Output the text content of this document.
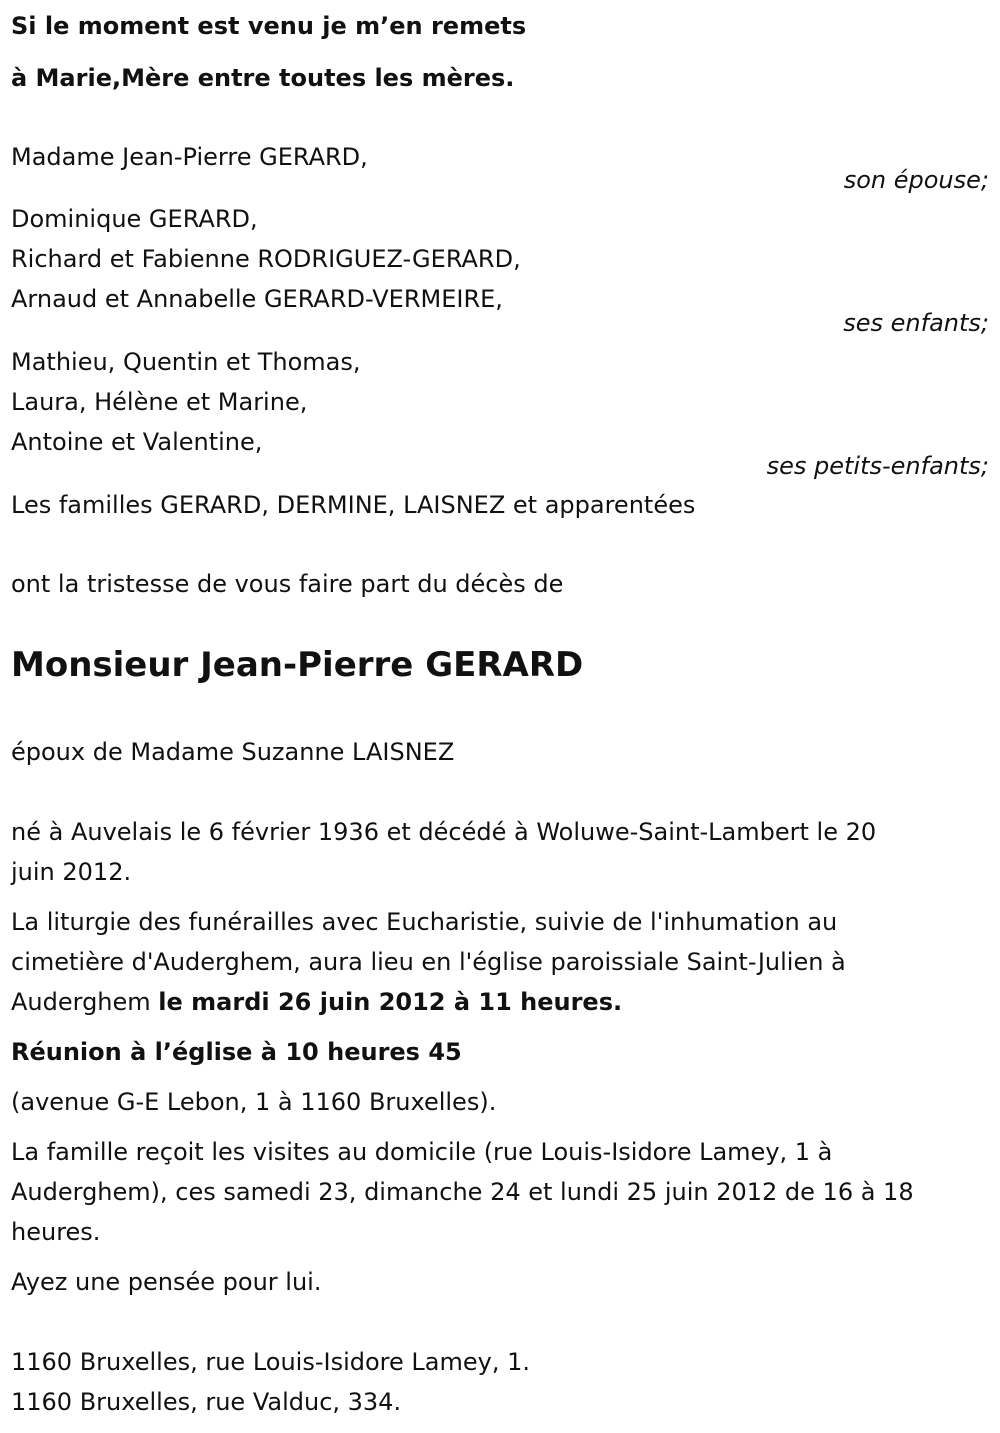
Si le moment est venu je m’en remets
à Marie,Mère entre toutes les mères.
Madame Jean-Pierre GERARD,
son épouse;
Dominique GERARD,
Richard et Fabienne RODRIGUEZ-GERARD,
Arnaud et Annabelle GERARD-VERMEIRE,
ses enfants;
Mathieu, Quentin et Thomas,
Laura, Hélène et Marine,
Antoine et Valentine,
ses petits-enfants;
Les familles GERARD, DERMINE, LAISNEZ et apparentées
ont la tristesse de vous faire part du décès de
Monsieur Jean-Pierre GERARD
époux de Madame Suzanne LAISNEZ
né à Auvelais le 6 février 1936 et décédé à Woluwe-Saint-Lambert le 20
juin 2012.
La liturgie des funérailles avec Eucharistie, suivie de l'inhumation au
cimetière d'Auderghem, aura lieu en l'église paroissiale Saint-Julien à
Auderghem le mardi 26 juin 2012 à 11 heures.
Réunion à l’église à 10 heures 45
(avenue G-E Lebon, 1 à 1160 Bruxelles).
La famille reçoit les visites au domicile (rue Louis-Isidore Lamey, 1 à
Auderghem), ces samedi 23, dimanche 24 et lundi 25 juin 2012 de 16 à 18
heures.
Ayez une pensée pour lui.
1160 Bruxelles, rue Louis-Isidore Lamey, 1.
1160 Bruxelles, rue Valduc, 334.
